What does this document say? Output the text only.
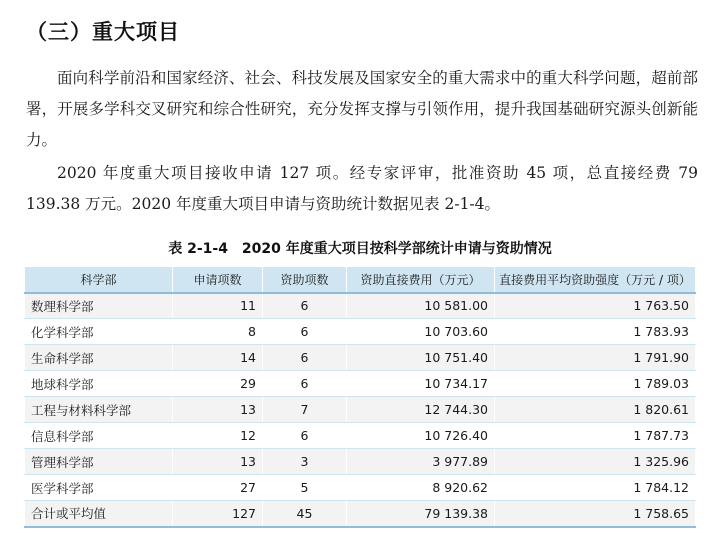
（三）重大项目

面向科学前沿和国家经济、社会、科技发展及国家安全的重大需求中的重大科学问题，超前部署，开展多学科交叉研究和综合性研究，充分发挥支撑与引领作用，提升我国基础研究源头创新能力。

2020 年度重大项目接收申请 127 项。经专家评审，批准资助 45 项，总直接经费 79 139.38 万元。2020 年度重大项目申请与资助统计数据见表 2-1-4。

表 2-1-4　2020 年度重大项目按科学部统计申请与资助情况
科学部	申请项数	资助项数	资助直接费用（万元）	直接费用平均资助强度（万元 / 项）
数理科学部	11	6	10 581.00	1 763.50
化学科学部	8	6	10 703.60	1 783.93
生命科学部	14	6	10 751.40	1 791.90
地球科学部	29	6	10 734.17	1 789.03
工程与材料科学部	13	7	12 744.30	1 820.61
信息科学部	12	6	10 726.40	1 787.73
管理科学部	13	3	3 977.89	1 325.96
医学科学部	27	5	8 920.62	1 784.12
合计或平均值	127	45	79 139.38	1 758.65
